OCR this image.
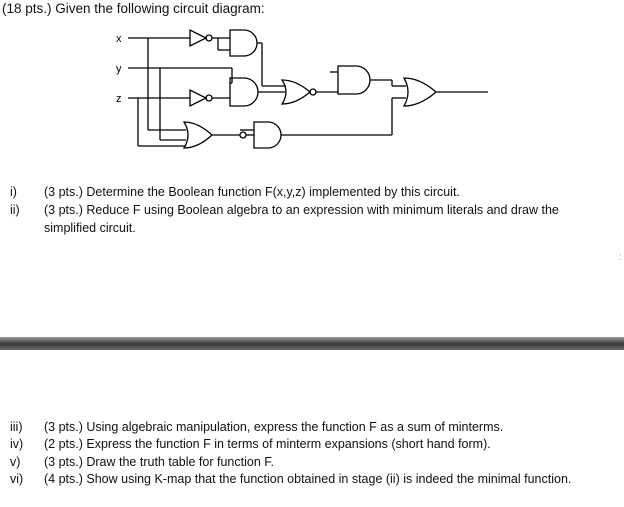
(18 pts.) Given the following circuit diagram:
x
y
z
i) (3 pts.) Determine the Boolean function F(x,y,z) implemented by this circuit.
ii) (3 pts.) Reduce F using Boolean algebra to an expression with minimum literals and draw the
simplified circuit.
:
iii) (3 pts.) Using algebraic manipulation, express the function F as a sum of minterms.
iv) (2 pts.) Express the function F in terms of minterm expansions (short hand form).
v) (3 pts.) Draw the truth table for function F.
vi) (4 pts.) Show using K-map that the function obtained in stage (ii) is indeed the minimal function.
